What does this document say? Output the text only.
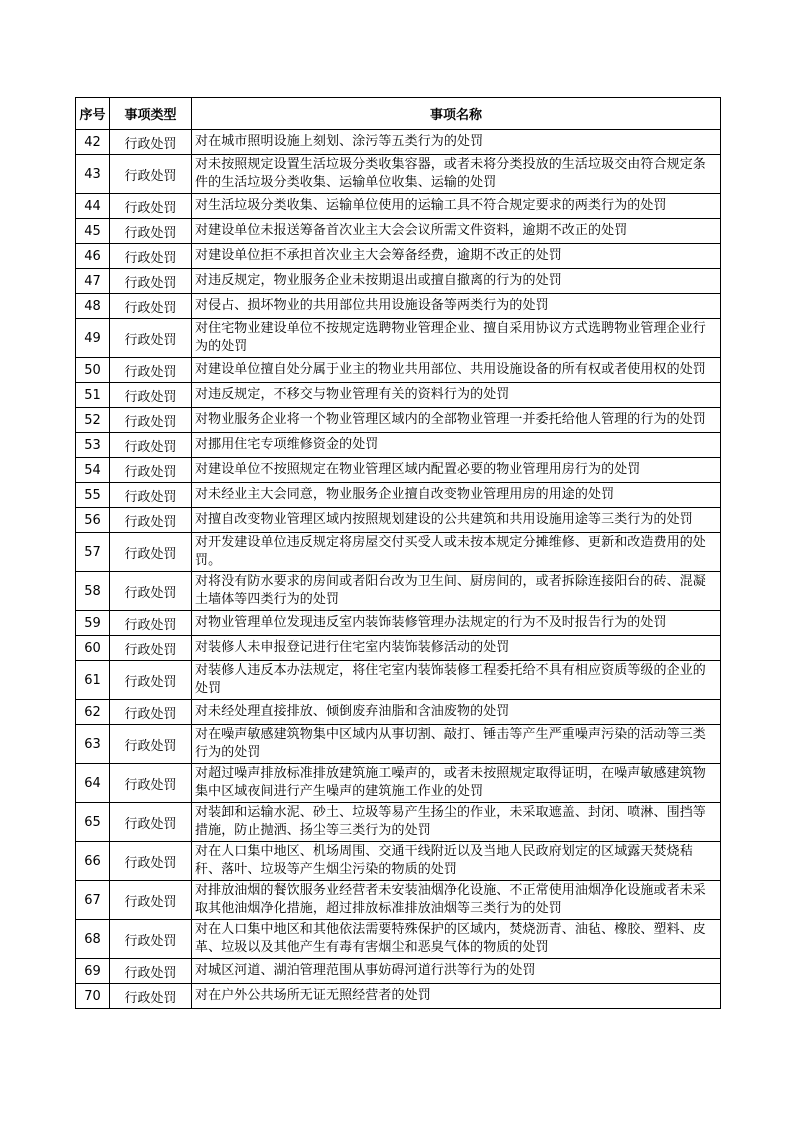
序号	事项类型	事项名称
42	行政处罚	对在城市照明设施上刻划、涂污等五类行为的处罚
43	行政处罚	对未按照规定设置生活垃圾分类收集容器，或者未将分类投放的生活垃圾交由符合规定条件的生活垃圾分类收集、运输单位收集、运输的处罚
44	行政处罚	对生活垃圾分类收集、运输单位使用的运输工具不符合规定要求的两类行为的处罚
45	行政处罚	对建设单位未报送筹备首次业主大会会议所需文件资料，逾期不改正的处罚
46	行政处罚	对建设单位拒不承担首次业主大会筹备经费，逾期不改正的处罚
47	行政处罚	对违反规定，物业服务企业未按期退出或擅自撤离的行为的处罚
48	行政处罚	对侵占、损坏物业的共用部位共用设施设备等两类行为的处罚
49	行政处罚	对住宅物业建设单位不按规定选聘物业管理企业、擅自采用协议方式选聘物业管理企业行为的处罚
50	行政处罚	对建设单位擅自处分属于业主的物业共用部位、共用设施设备的所有权或者使用权的处罚
51	行政处罚	对违反规定，不移交与物业管理有关的资料行为的处罚
52	行政处罚	对物业服务企业将一个物业管理区域内的全部物业管理一并委托给他人管理的行为的处罚
53	行政处罚	对挪用住宅专项维修资金的处罚
54	行政处罚	对建设单位不按照规定在物业管理区域内配置必要的物业管理用房行为的处罚
55	行政处罚	对未经业主大会同意，物业服务企业擅自改变物业管理用房的用途的处罚
56	行政处罚	对擅自改变物业管理区域内按照规划建设的公共建筑和共用设施用途等三类行为的处罚
57	行政处罚	对开发建设单位违反规定将房屋交付买受人或未按本规定分摊维修、更新和改造费用的处罚。
58	行政处罚	对将没有防水要求的房间或者阳台改为卫生间、厨房间的，或者拆除连接阳台的砖、混凝土墙体等四类行为的处罚
59	行政处罚	对物业管理单位发现违反室内装饰装修管理办法规定的行为不及时报告行为的处罚
60	行政处罚	对装修人未申报登记进行住宅室内装饰装修活动的处罚
61	行政处罚	对装修人违反本办法规定，将住宅室内装饰装修工程委托给不具有相应资质等级的企业的处罚
62	行政处罚	对未经处理直接排放、倾倒废弃油脂和含油废物的处罚
63	行政处罚	对在噪声敏感建筑物集中区域内从事切割、敲打、锤击等产生严重噪声污染的活动等三类行为的处罚
64	行政处罚	对超过噪声排放标准排放建筑施工噪声的，或者未按照规定取得证明，在噪声敏感建筑物集中区域夜间进行产生噪声的建筑施工作业的处罚
65	行政处罚	对装卸和运输水泥、砂土、垃圾等易产生扬尘的作业，未采取遮盖、封闭、喷淋、围挡等措施，防止抛洒、扬尘等三类行为的处罚
66	行政处罚	对在人口集中地区、机场周围、交通干线附近以及当地人民政府划定的区域露天焚烧秸秆、落叶、垃圾等产生烟尘污染的物质的处罚
67	行政处罚	对排放油烟的餐饮服务业经营者未安装油烟净化设施、不正常使用油烟净化设施或者未采取其他油烟净化措施，超过排放标准排放油烟等三类行为的处罚
68	行政处罚	对在人口集中地区和其他依法需要特殊保护的区域内，焚烧沥青、油毡、橡胶、塑料、皮革、垃圾以及其他产生有毒有害烟尘和恶臭气体的物质的处罚
69	行政处罚	对城区河道、湖泊管理范围从事妨碍河道行洪等行为的处罚
70	行政处罚	对在户外公共场所无证无照经营者的处罚
